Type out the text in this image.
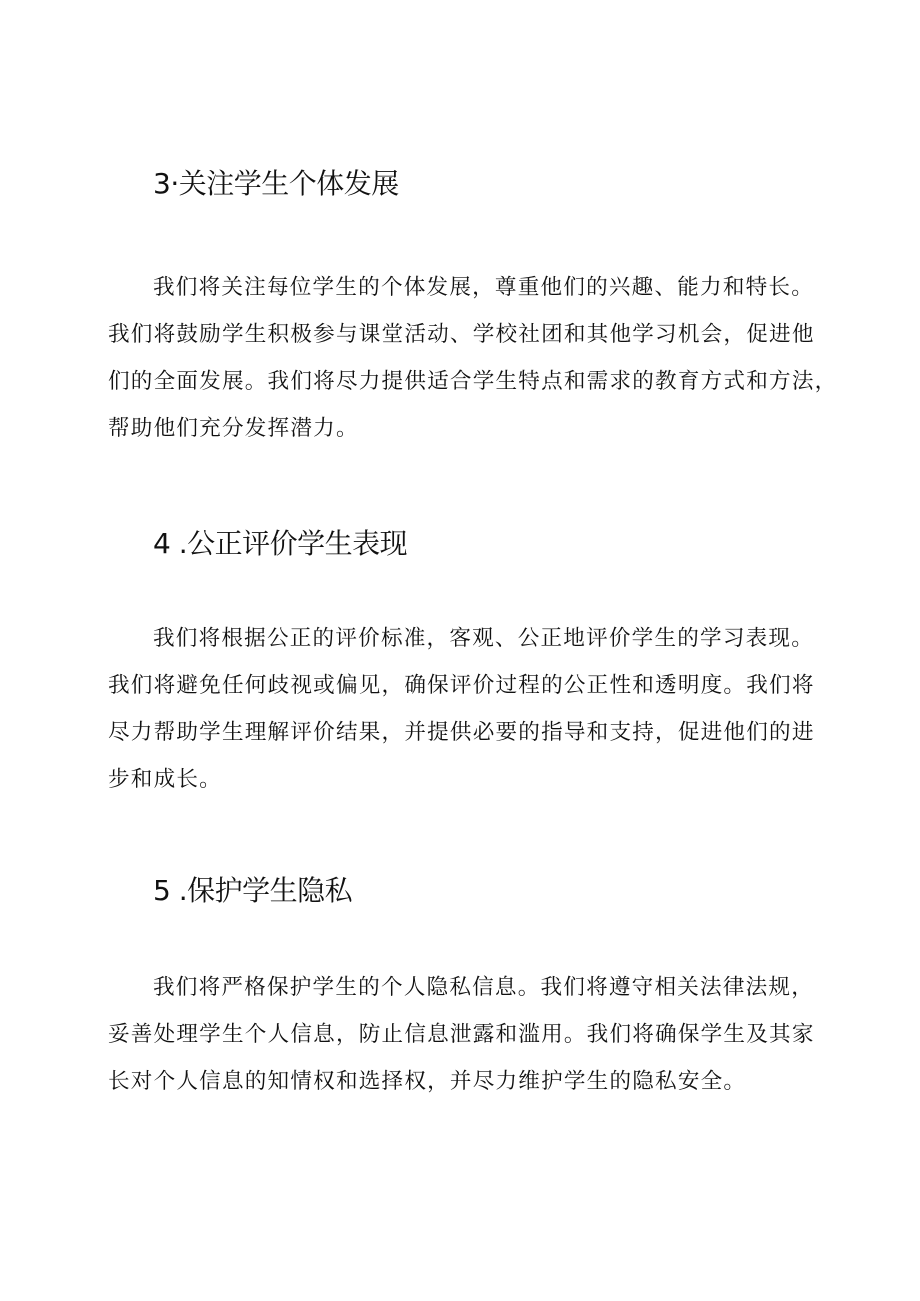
3·关注学生个体发展
我们将关注每位学生的个体发展，尊重他们的兴趣、能力和特长。
我们将鼓励学生积极参与课堂活动、学校社团和其他学习机会，促进他
们的全面发展。我们将尽力提供适合学生特点和需求的教育方式和方法，
帮助他们充分发挥潜力。
4 .公正评价学生表现
我们将根据公正的评价标准，客观、公正地评价学生的学习表现。
我们将避免任何歧视或偏见，确保评价过程的公正性和透明度。我们将
尽力帮助学生理解评价结果，并提供必要的指导和支持，促进他们的进
步和成长。
5 .保护学生隐私
我们将严格保护学生的个人隐私信息。我们将遵守相关法律法规，
妥善处理学生个人信息，防止信息泄露和滥用。我们将确保学生及其家
长对个人信息的知情权和选择权，并尽力维护学生的隐私安全。
